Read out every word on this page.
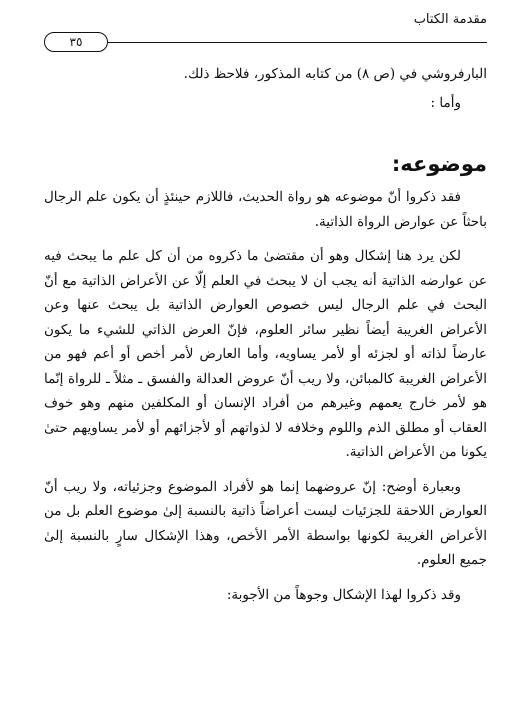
مقدمة الكتاب
٣٥

البارفروشي في (ص ٨) من كتابه المذكور، فلاحظ ذلك.

وأما :

موضوعه:

فقد ذكروا أنّ موضوعه هو رواة الحديث، فاللازم حينئذٍ أن يكون علم الرجال باحثاً عن عوارض الرواة الذاتية.

لكن يرد هنا إشكال وهو أن مقتضىٰ ما ذكروه من أن كل علم ما يبحث فيه عن عوارضه الذاتية أنه يجب أن لا يبحث في العلم إلّا عن الأعراض الذاتية مع أنّ البحث في علم الرجال ليس خصوص العوارض الذاتية بل يبحث عنها وعن الأعراض الغريبة أيضاً نظير سائر العلوم، فإنّ العرض الذاتي للشيء ما يكون عارضاً لذاته أو لجزئه أو لأمر يساويه، وأما العارض لأمر أخص أو أعم فهو من الأعراض الغريبة كالمبائن، ولا ريب أنّ عروض العدالة والفسق ـ مثلاً ـ للرواة إنّما هو لأمر خارج يعمهم وغيرهم من أفراد الإنسان أو المكلفين منهم وهو خوف العقاب أو مطلق الذم واللوم وخلافه لا لذواتهم أو لأجزائهم أو لأمر يساويهم حتىٰ يكونا من الأعراض الذاتية.

وبعبارة أوضح: إنّ عروضهما إنما هو لأفراد الموضوع وجزئياته، ولا ريب أنّ العوارض اللاحقة للجزئيات ليست أعراضاً ذاتية بالنسبة إلىٰ موضوع العلم بل من الأعراض الغريبة لكونها بواسطة الأمر الأخص، وهذا الإشكال سارٍ بالنسبة إلىٰ جميع العلوم.

وقد ذكروا لهذا الإشكال وجوهاً من الأجوبة:
